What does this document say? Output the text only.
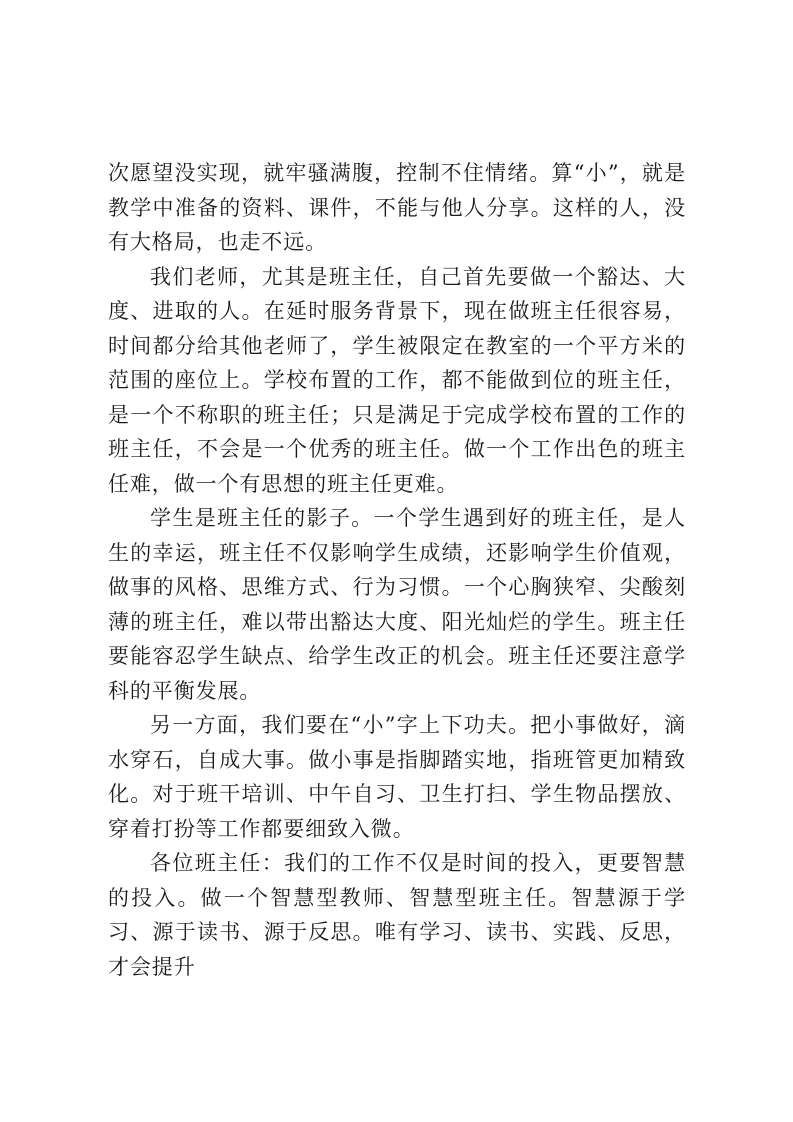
次愿望没实现，就牢骚满腹，控制不住情绪。算“小”，就是教学中准备的资料、课件，不能与他人分享。这样的人，没有大格局，也走不远。

我们老师，尤其是班主任，自己首先要做一个豁达、大度、进取的人。在延时服务背景下，现在做班主任很容易，时间都分给其他老师了，学生被限定在教室的一个平方米的范围的座位上。学校布置的工作，都不能做到位的班主任，是一个不称职的班主任；只是满足于完成学校布置的工作的班主任，不会是一个优秀的班主任。做一个工作出色的班主任难，做一个有思想的班主任更难。

学生是班主任的影子。一个学生遇到好的班主任，是人生的幸运，班主任不仅影响学生成绩，还影响学生价值观，做事的风格、思维方式、行为习惯。一个心胸狭窄、尖酸刻薄的班主任，难以带出豁达大度、阳光灿烂的学生。班主任要能容忍学生缺点、给学生改正的机会。班主任还要注意学科的平衡发展。

另一方面，我们要在“小”字上下功夫。把小事做好，滴水穿石，自成大事。做小事是指脚踏实地，指班管更加精致化。对于班干培训、中午自习、卫生打扫、学生物品摆放、穿着打扮等工作都要细致入微。

各位班主任：我们的工作不仅是时间的投入，更要智慧的投入。做一个智慧型教师、智慧型班主任。智慧源于学习、源于读书、源于反思。唯有学习、读书、实践、反思，才会提升
